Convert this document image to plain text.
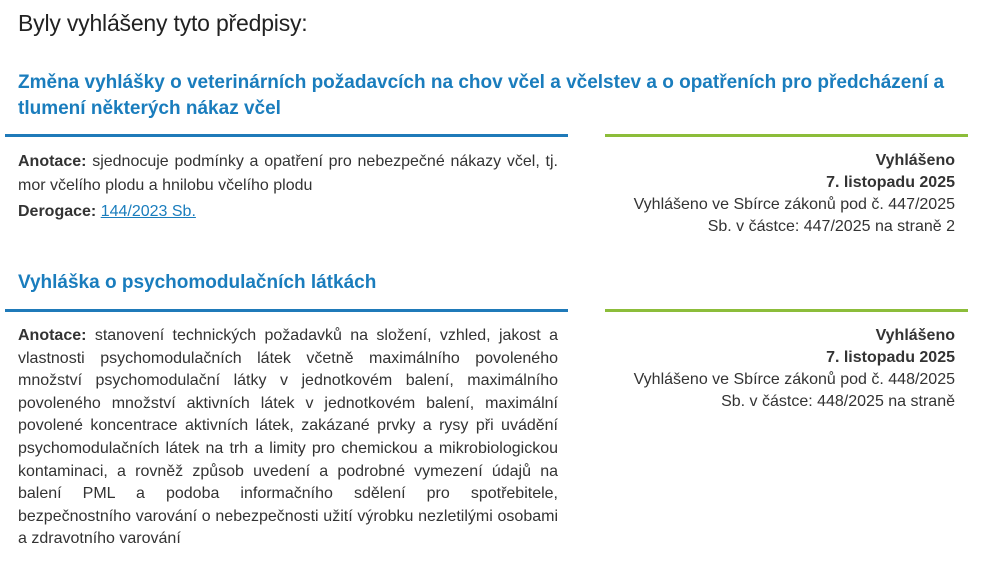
Byly vyhlášeny tyto předpisy:
Změna vyhlášky o veterinárních požadavcích na chov včel a včelstev a o opatřeních pro předcházení a tlumení některých nákaz včel
Anotace: sjednocuje podmínky a opatření pro nebezpečné nákazy včel, tj. mor včelího plodu a hnilobu včelího plodu
Derogace: 144/2023 Sb.
Vyhlášeno
7. listopadu 2025
Vyhlášeno ve Sbírce zákonů pod č. 447/2025
Sb. v částce: 447/2025 na straně 2
Vyhláška o psychomodulačních látkách
Anotace: stanovení technických požadavků na složení, vzhled, jakost a vlastnosti psychomodulačních látek včetně maximálního povoleného množství psychomodulační látky v jednotkovém balení, maximálního povoleného množství aktivních látek v jednotkovém balení, maximální povolené koncentrace aktivních látek, zakázané prvky a rysy při uvádění psychomodulačních látek na trh a limity pro chemickou a mikrobiologickou kontaminaci, a rovněž způsob uvedení a podrobné vymezení údajů na balení PML a podoba informačního sdělení pro spotřebitele, bezpečnostního varování o nebezpečnosti užití výrobku nezletilými osobami a zdravotního varování
Vyhlášeno
7. listopadu 2025
Vyhlášeno ve Sbírce zákonů pod č. 448/2025
Sb. v částce: 448/2025 na straně
